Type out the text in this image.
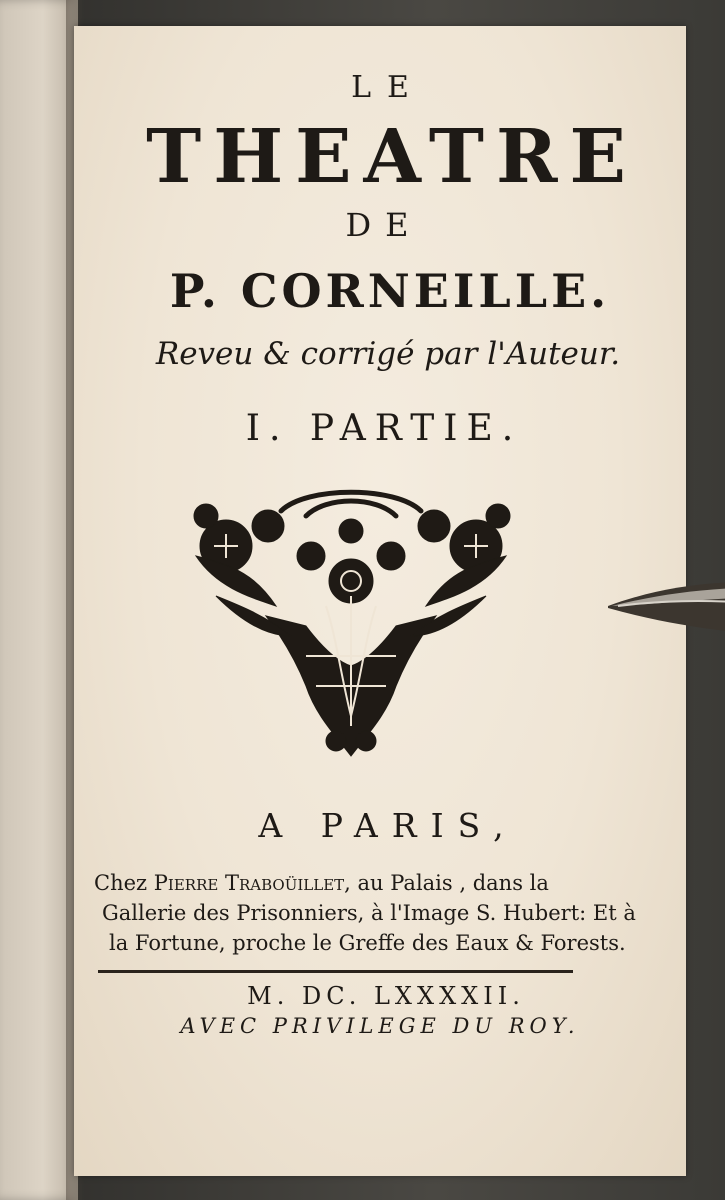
LE
THEATRE
DE
P. CORNEILLE.
Reveu & corrigé par l'Auteur.
I. PARTIE.
A PARIS,
Chez Pierre Traboüillet, au Palais , dans la
Gallerie des Prisonniers, à l'Image S. Hubert: Et à
la Fortune, proche le Greffe des Eaux & Forests.
M. DC. LXXXXII.
AVEC PRIVILEGE DU ROY.
